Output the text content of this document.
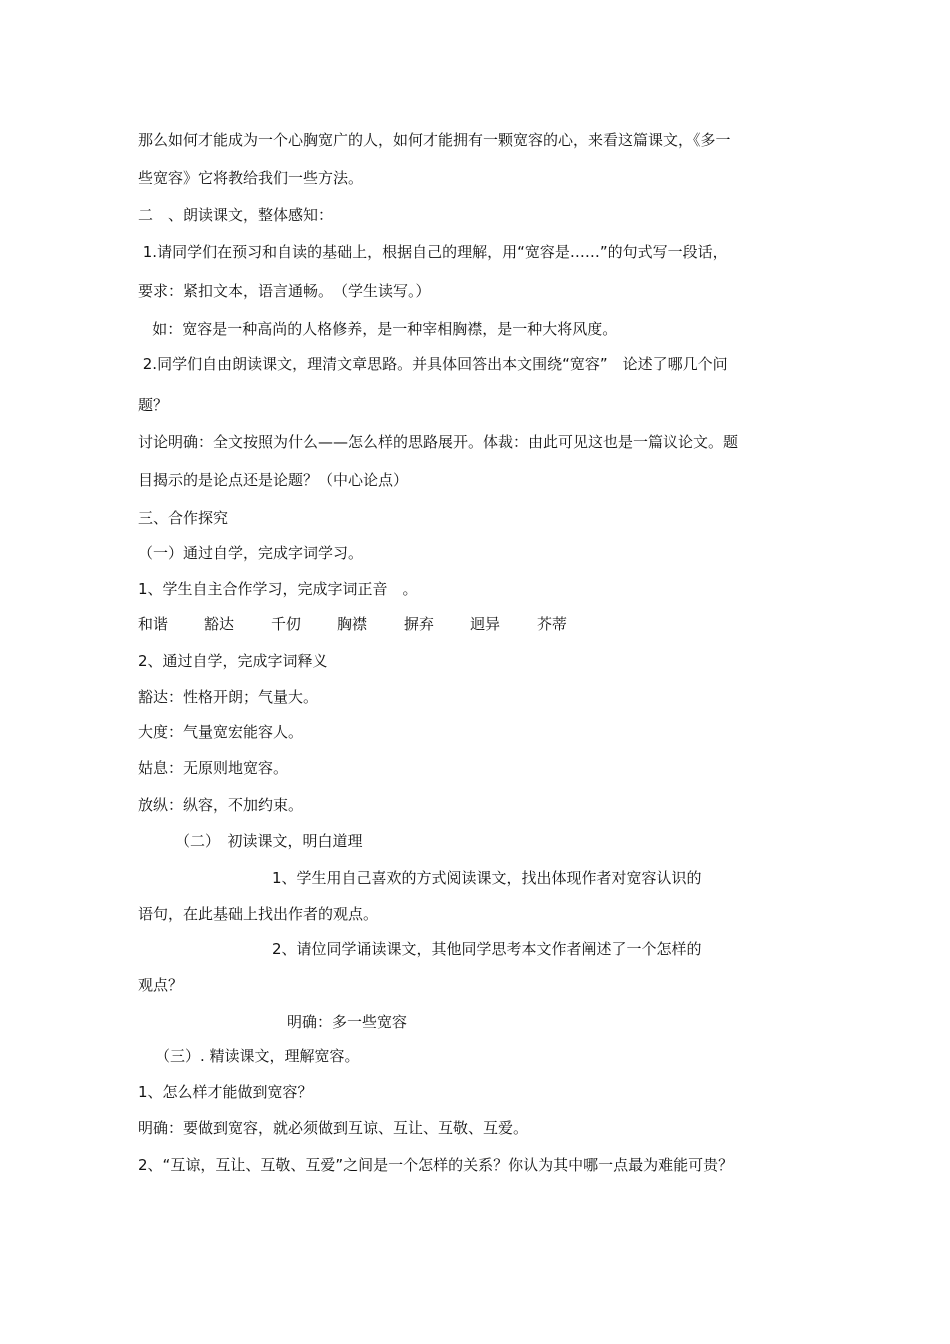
那么如何才能成为一个心胸宽广的人，如何才能拥有一颗宽容的心，来看这篇课文，《多一
些宽容》它将教给我们一些方法。
二　、朗读课文，整体感知：
1.请同学们在预习和自读的基础上，根据自己的理解，用“宽容是……”的句式写一段话，
要求：紧扣文本，语言通畅。　（学生读写。）
如：宽容是一种高尚的人格修养，是一种宰相胸襟，是一种大将风度。
2.同学们自由朗读课文，理清文章思路。并具体回答出本文围绕“宽容”　论述了哪几个问
题？
讨论明确：全文按照为什么——怎么样的思路展开。体裁：由此可见这也是一篇议论文。题
目揭示的是论点还是论题？（中心论点）
三、合作探究
（一）通过自学，完成字词学习。
1、学生自主合作学习，完成字词正音　。
和谐 豁达 千仞 胸襟 摒弃 迥异 芥蒂
2、通过自学，完成字词释义
豁达：性格开朗；气量大。
大度：气量宽宏能容人。
姑息：无原则地宽容。
放纵：纵容，不加约束。
（二）　初读课文，明白道理
1、学生用自己喜欢的方式阅读课文，找出体现作者对宽容认识的
语句，在此基础上找出作者的观点。
2、请位同学诵读课文，其他同学思考本文作者阐述了一个怎样的
观点？
明确：多一些宽容
（三）. 精读课文，理解宽容。
1、怎么样才能做到宽容？
明确：要做到宽容，就必须做到互谅、互让、互敬、互爱。
2、“互谅，互让、互敬、互爱”之间是一个怎样的关系？你认为其中哪一点最为难能可贵？
